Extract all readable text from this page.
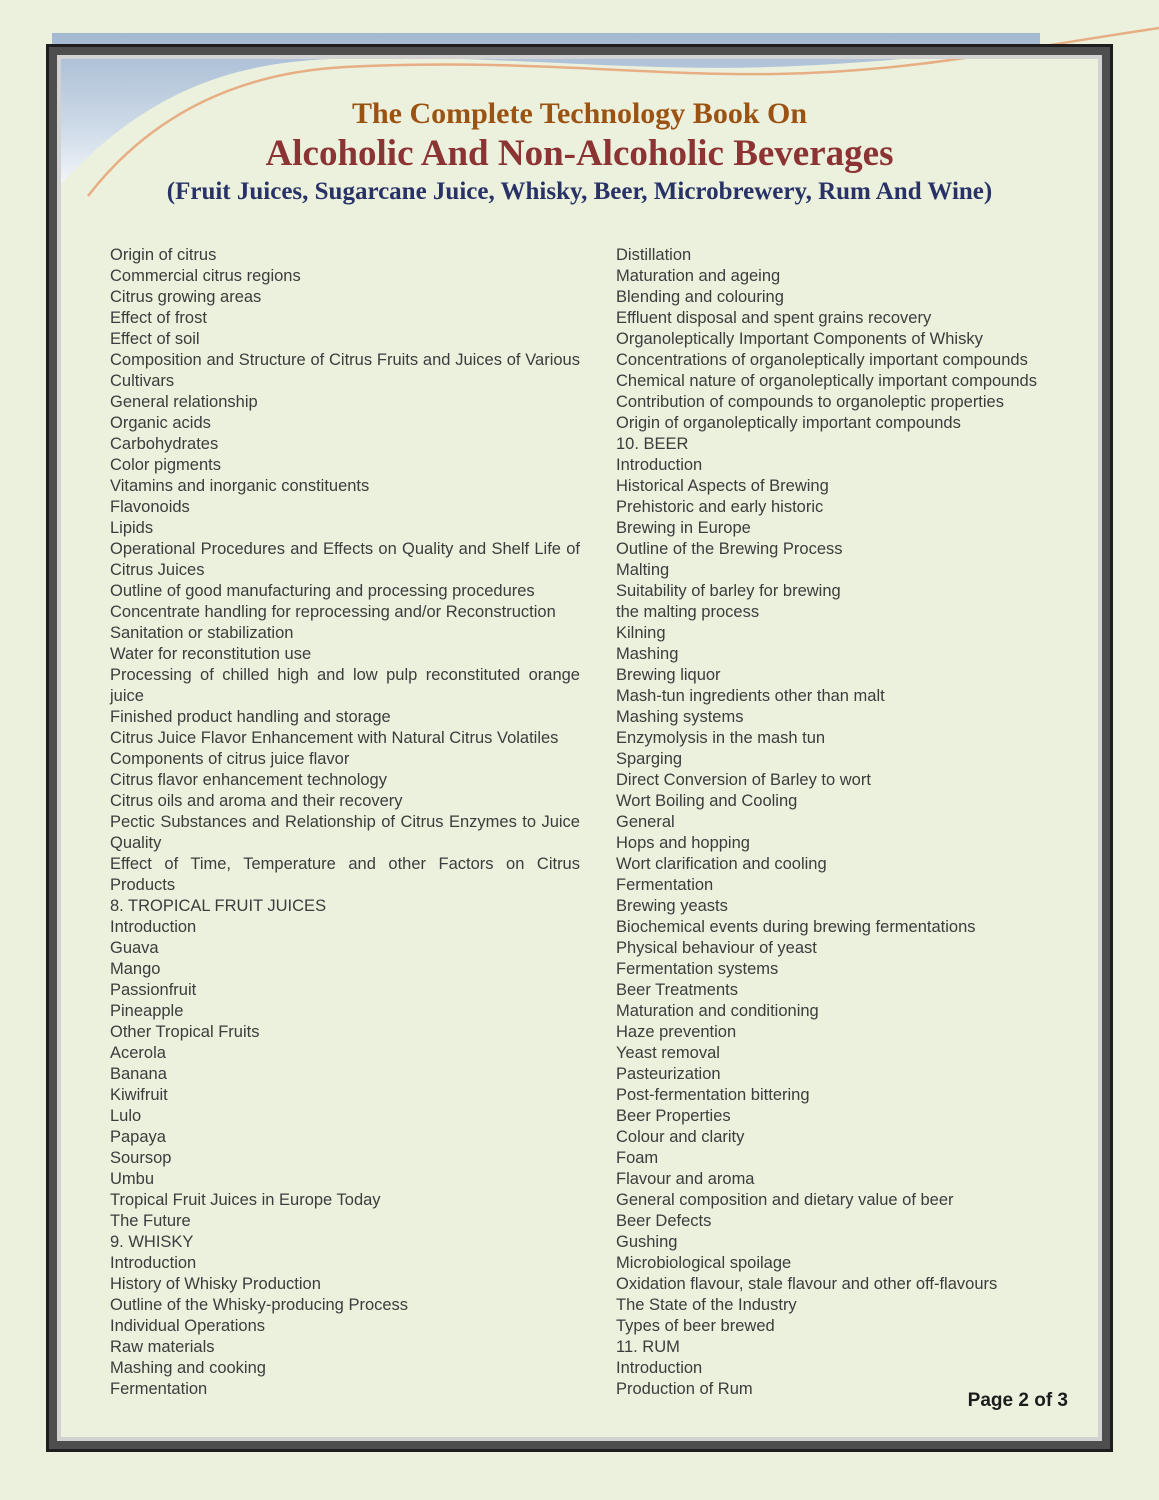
The Complete Technology Book On
Alcoholic And Non-Alcoholic Beverages
(Fruit Juices, Sugarcane Juice, Whisky, Beer, Microbrewery, Rum And Wine)
Origin of citrus
Commercial citrus regions
Citrus growing areas
Effect of frost
Effect of soil
Composition and Structure of Citrus Fruits and Juices of Various Cultivars
General relationship
Organic acids
Carbohydrates
Color pigments
Vitamins and inorganic constituents
Flavonoids
Lipids
Operational Procedures and Effects on Quality and Shelf Life of Citrus Juices
Outline of good manufacturing and processing procedures
Concentrate handling for reprocessing and/or Reconstruction
Sanitation or stabilization
Water for reconstitution use
Processing of chilled high and low pulp reconstituted orange juice
Finished product handling and storage
Citrus Juice Flavor Enhancement with Natural Citrus Volatiles
Components of citrus juice flavor
Citrus flavor enhancement technology
Citrus oils and aroma and their recovery
Pectic Substances and Relationship of Citrus Enzymes to Juice Quality
Effect of Time, Temperature and other Factors on Citrus Products
8. TROPICAL FRUIT JUICES
Introduction
Guava
Mango
Passionfruit
Pineapple
Other Tropical Fruits
Acerola
Banana
Kiwifruit
Lulo
Papaya
Soursop
Umbu
Tropical Fruit Juices in Europe Today
The Future
9. WHISKY
Introduction
History of Whisky Production
Outline of the Whisky-producing Process
Individual Operations
Raw materials
Mashing and cooking
Fermentation
Distillation
Maturation and ageing
Blending and colouring
Effluent disposal and spent grains recovery
Organoleptically Important Components of Whisky
Concentrations of organoleptically important compounds
Chemical nature of organoleptically important compounds
Contribution of compounds to organoleptic properties
Origin of organoleptically important compounds
10. BEER
Introduction
Historical Aspects of Brewing
Prehistoric and early historic
Brewing in Europe
Outline of the Brewing Process
Malting
Suitability of barley for brewing
the malting process
Kilning
Mashing
Brewing liquor
Mash-tun ingredients other than malt
Mashing systems
Enzymolysis in the mash tun
Sparging
Direct Conversion of Barley to wort
Wort Boiling and Cooling
General
Hops and hopping
Wort clarification and cooling
Fermentation
Brewing yeasts
Biochemical events during brewing fermentations
Physical behaviour of yeast
Fermentation systems
Beer Treatments
Maturation and conditioning
Haze prevention
Yeast removal
Pasteurization
Post-fermentation bittering
Beer Properties
Colour and clarity
Foam
Flavour and aroma
General composition and dietary value of beer
Beer Defects
Gushing
Microbiological spoilage
Oxidation flavour, stale flavour and other off-flavours
The State of the Industry
Types of beer brewed
11. RUM
Introduction
Production of Rum
Page 2 of 3
